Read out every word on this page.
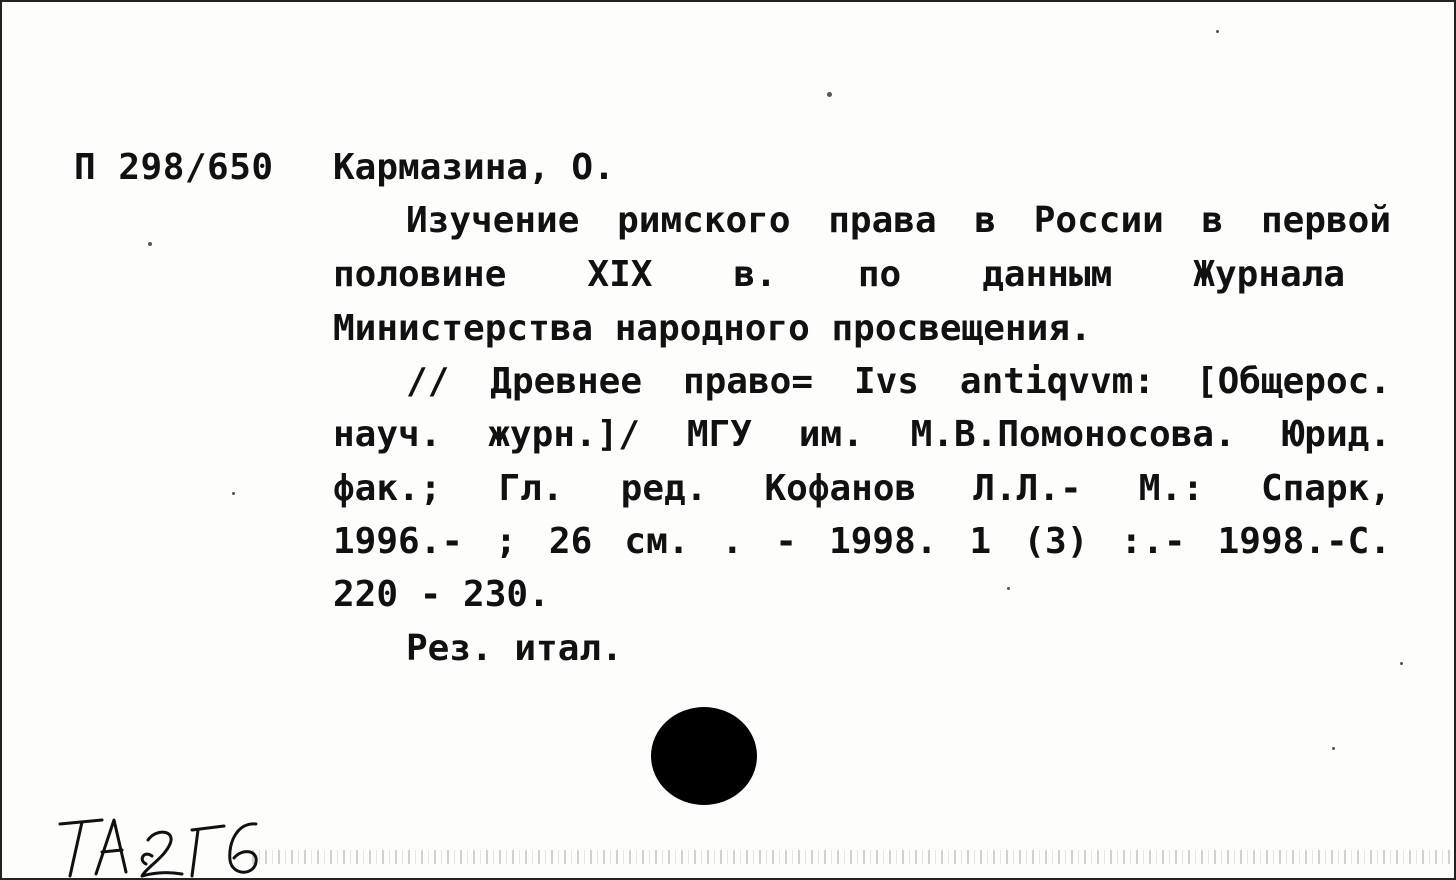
П 298/650 Кармазина, О.
Изучение римского права в России в первой
половине XIX в. по данным Журнала
Министерства народного просвещения.
// Древнее право= Ivs antiqvvm: [Общерос.
науч. журн.]/ МГУ им. М.В.Помоносова. Юрид.
фак.; Гл. ред. Кофанов Л.Л.- М.: Спарк,
1996.- ; 26 см. . - 1998. 1 (3) :.- 1998.-С.
220 - 230.
Рез. итал.
